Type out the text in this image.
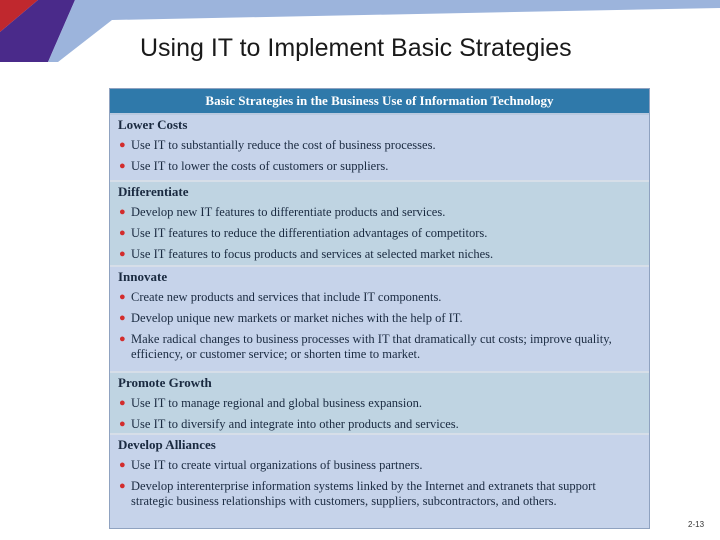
Using IT to Implement Basic Strategies
Basic Strategies in the Business Use of Information Technology
Lower Costs
● Use IT to substantially reduce the cost of business processes.
● Use IT to lower the costs of customers or suppliers.
Differentiate
● Develop new IT features to differentiate products and services.
● Use IT features to reduce the differentiation advantages of competitors.
● Use IT features to focus products and services at selected market niches.
Innovate
● Create new products and services that include IT components.
● Develop unique new markets or market niches with the help of IT.
● Make radical changes to business processes with IT that dramatically cut costs; improve quality, efficiency, or customer service; or shorten time to market.
Promote Growth
● Use IT to manage regional and global business expansion.
● Use IT to diversify and integrate into other products and services.
Develop Alliances
● Use IT to create virtual organizations of business partners.
● Develop interenterprise information systems linked by the Internet and extranets that support strategic business relationships with customers, suppliers, subcontractors, and others.
2-13
